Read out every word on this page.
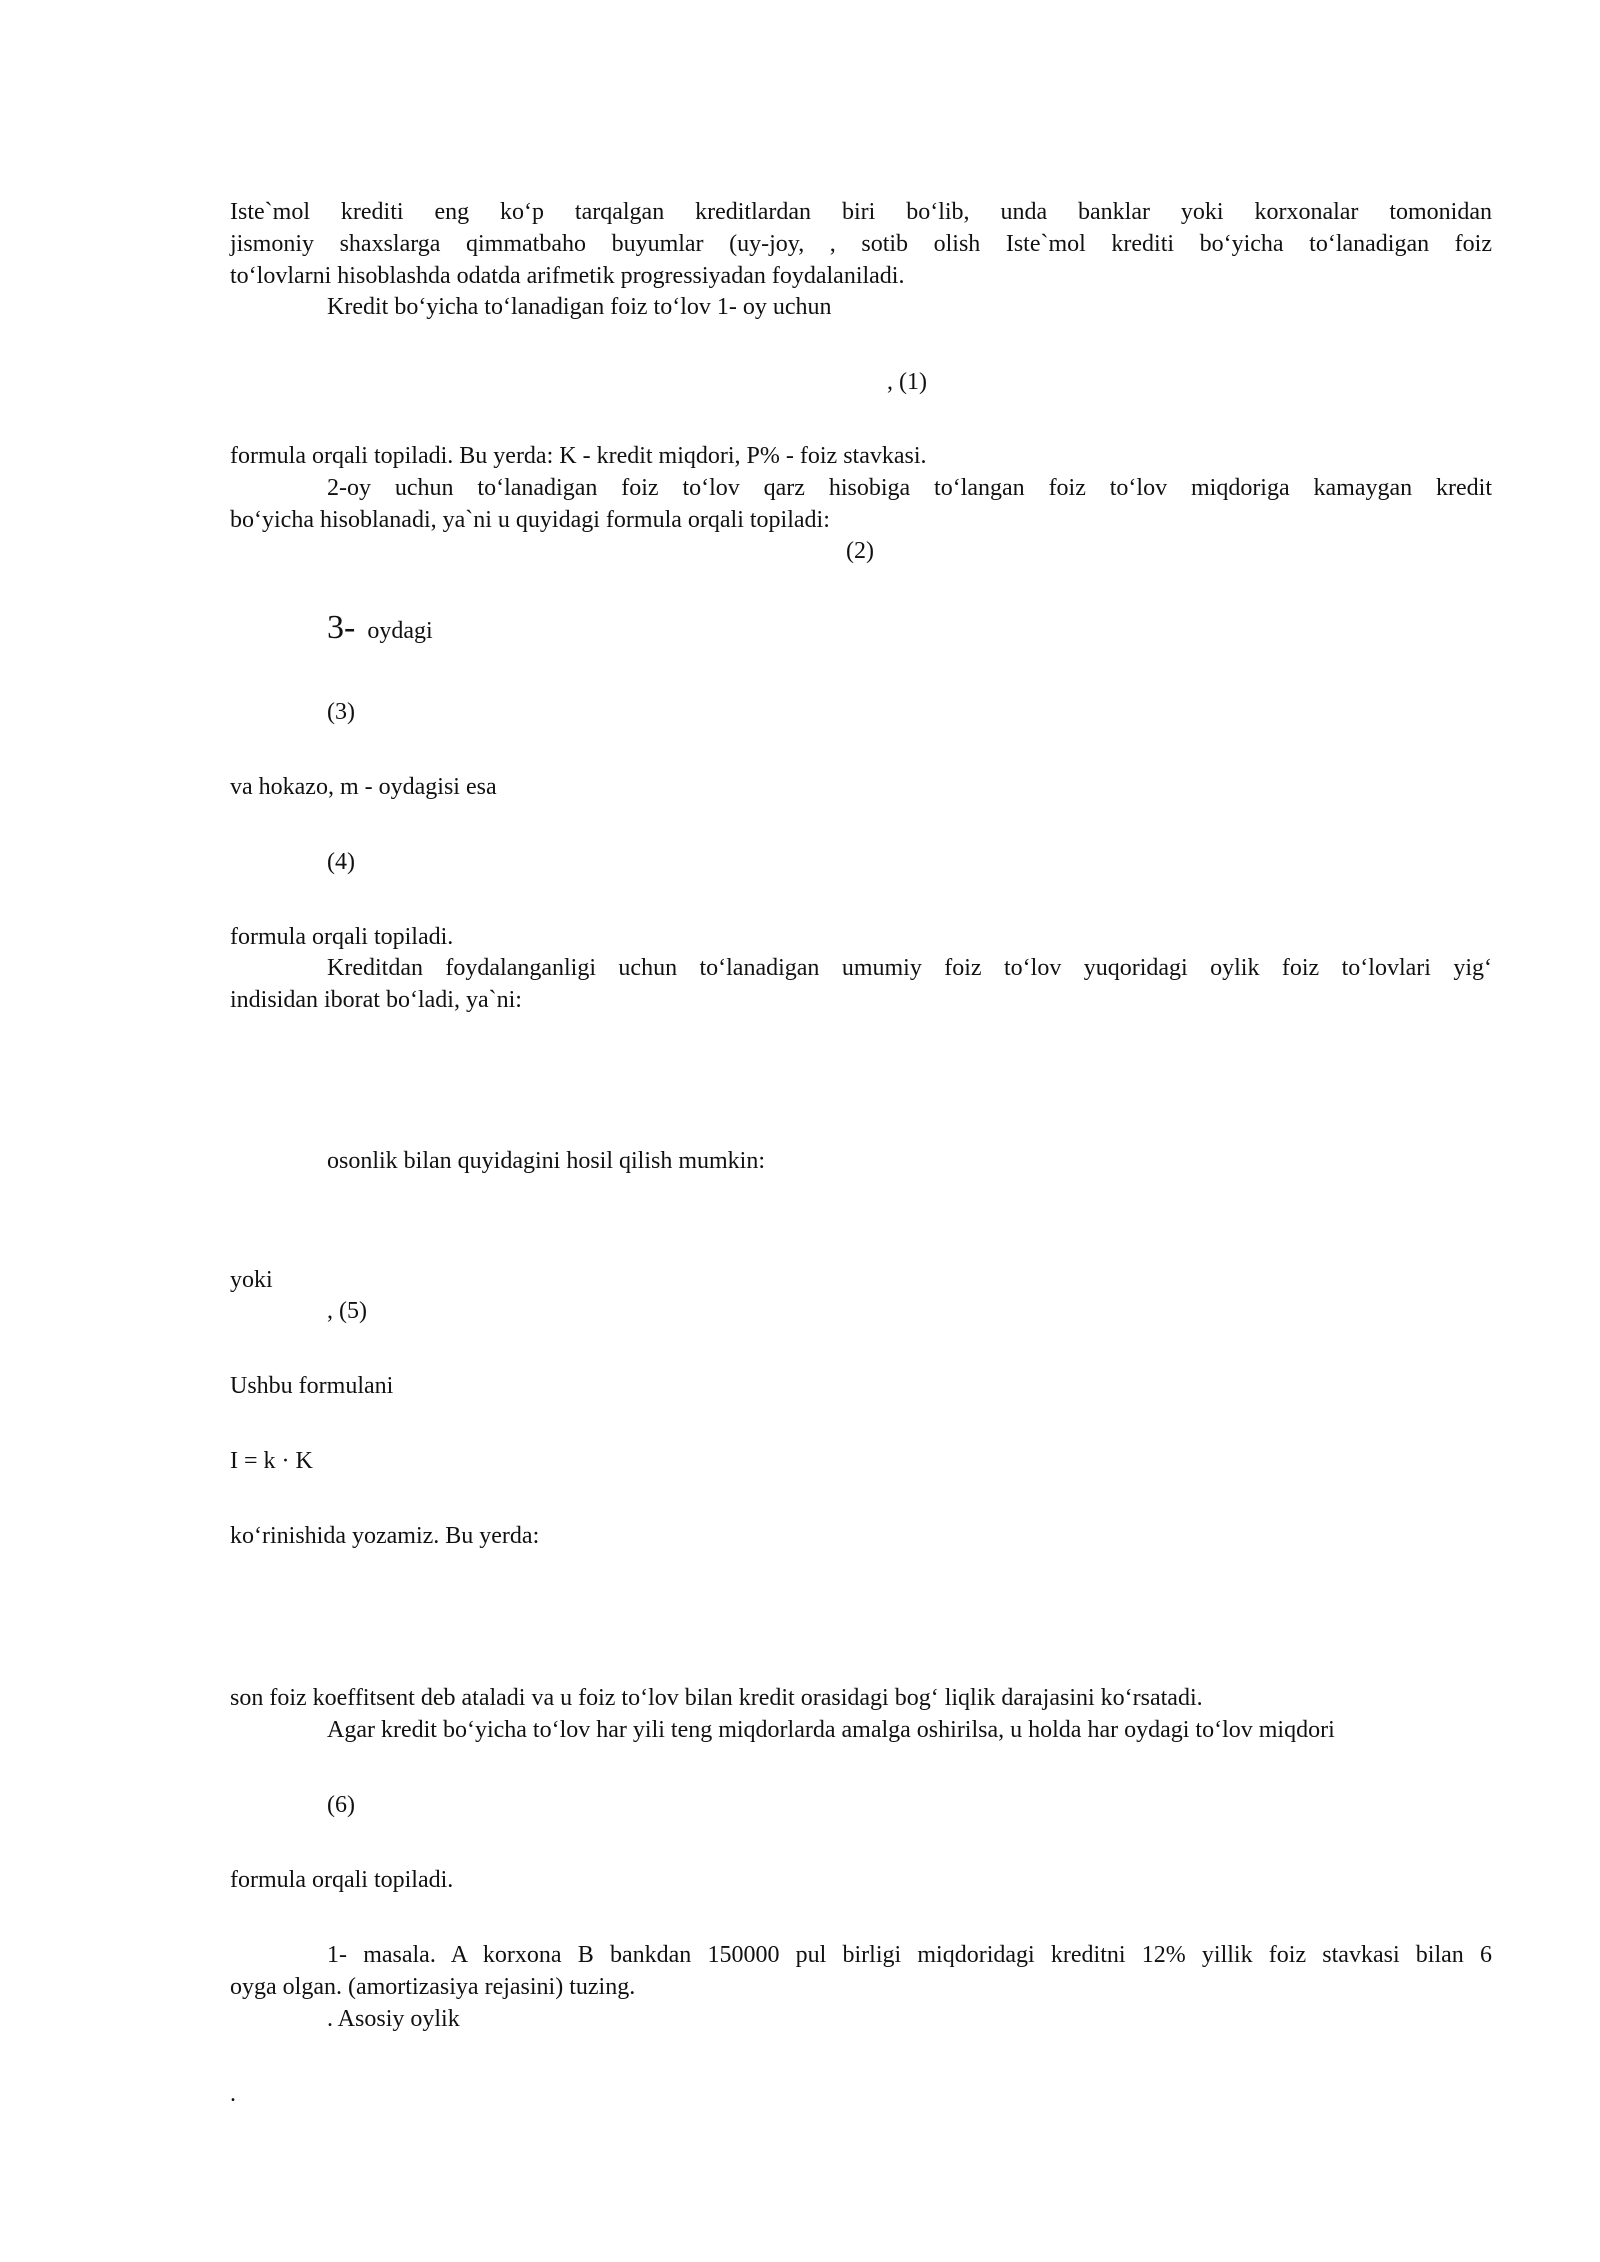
Iste`mol krediti eng ko‘p tarqalgan kreditlardan biri bo‘lib, unda banklar yoki korxonalar tomonidan
jismoniy shaxslarga qimmatbaho buyumlar (uy-joy, , sotib olish Iste`mol krediti bo‘yicha to‘lanadigan foiz
to‘lovlarni hisoblashda odatda arifmetik progressiyadan foydalaniladi.
Kredit bo‘yicha to‘lanadigan foiz to‘lov 1- oy uchun
, (1)
formula orqali topiladi. Bu yerda: K - kredit miqdori, P% - foiz stavkasi.
2-oy uchun to‘lanadigan foiz to‘lov qarz hisobiga to‘langan foiz to‘lov miqdoriga kamaygan kredit
bo‘yicha hisoblanadi, ya`ni u quyidagi formula orqali topiladi:
(2)
3- oydagi
(3)
va hokazo, m - oydagisi esa
(4)
formula orqali topiladi.
Kreditdan foydalanganligi uchun to‘lanadigan umumiy foiz to‘lov yuqoridagi oylik foiz to‘lovlari yig‘
indisidan iborat bo‘ladi, ya`ni:
osonlik bilan quyidagini hosil qilish mumkin:
yoki
, (5)
Ushbu formulani
I = k · K
ko‘rinishida yozamiz. Bu yerda:
son foiz koeffitsent deb ataladi va u foiz to‘lov bilan kredit orasidagi bog‘ liqlik darajasini ko‘rsatadi.
Agar kredit bo‘yicha to‘lov har yili teng miqdorlarda amalga oshirilsa, u holda har oydagi to‘lov miqdori
(6)
formula orqali topiladi.
1- masala. A korxona B bankdan 150000 pul birligi miqdoridagi kreditni 12% yillik foiz stavkasi bilan 6
oyga olgan. (amortizasiya rejasini) tuzing.
. Asosiy oylik
.
